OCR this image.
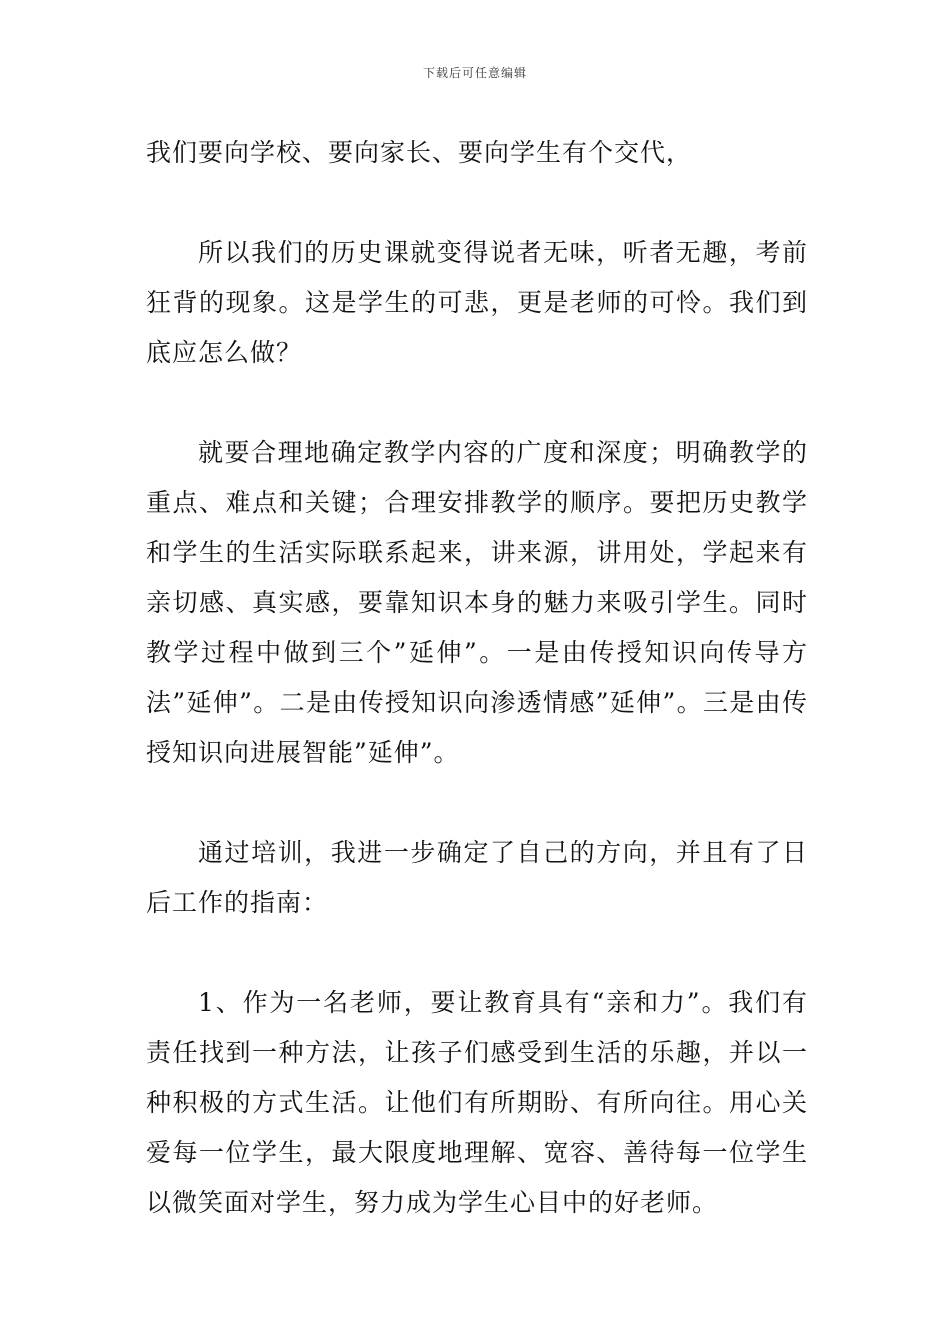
下载后可任意编辑

我们要向学校、要向家长、要向学生有个交代，

所以我们的历史课就变得说者无味，听者无趣，考前狂背的现象。这是学生的可悲，更是老师的可怜。我们到底应怎么做？

就要合理地确定教学内容的广度和深度；明确教学的重点、难点和关键；合理安排教学的顺序。要把历史教学和学生的生活实际联系起来，讲来源，讲用处，学起来有亲切感、真实感，要靠知识本身的魅力来吸引学生。同时教学过程中做到三个”延伸”。一是由传授知识向传导方法”延伸”。二是由传授知识向渗透情感”延伸”。三是由传授知识向进展智能”延伸”。

通过培训，我进一步确定了自己的方向，并且有了日后工作的指南：

1、作为一名老师，要让教育具有“亲和力”。我们有责任找到一种方法，让孩子们感受到生活的乐趣，并以一种积极的方式生活。让他们有所期盼、有所向往。用心关爱每一位学生，最大限度地理解、宽容、善待每一位学生以微笑面对学生，努力成为学生心目中的好老师。
